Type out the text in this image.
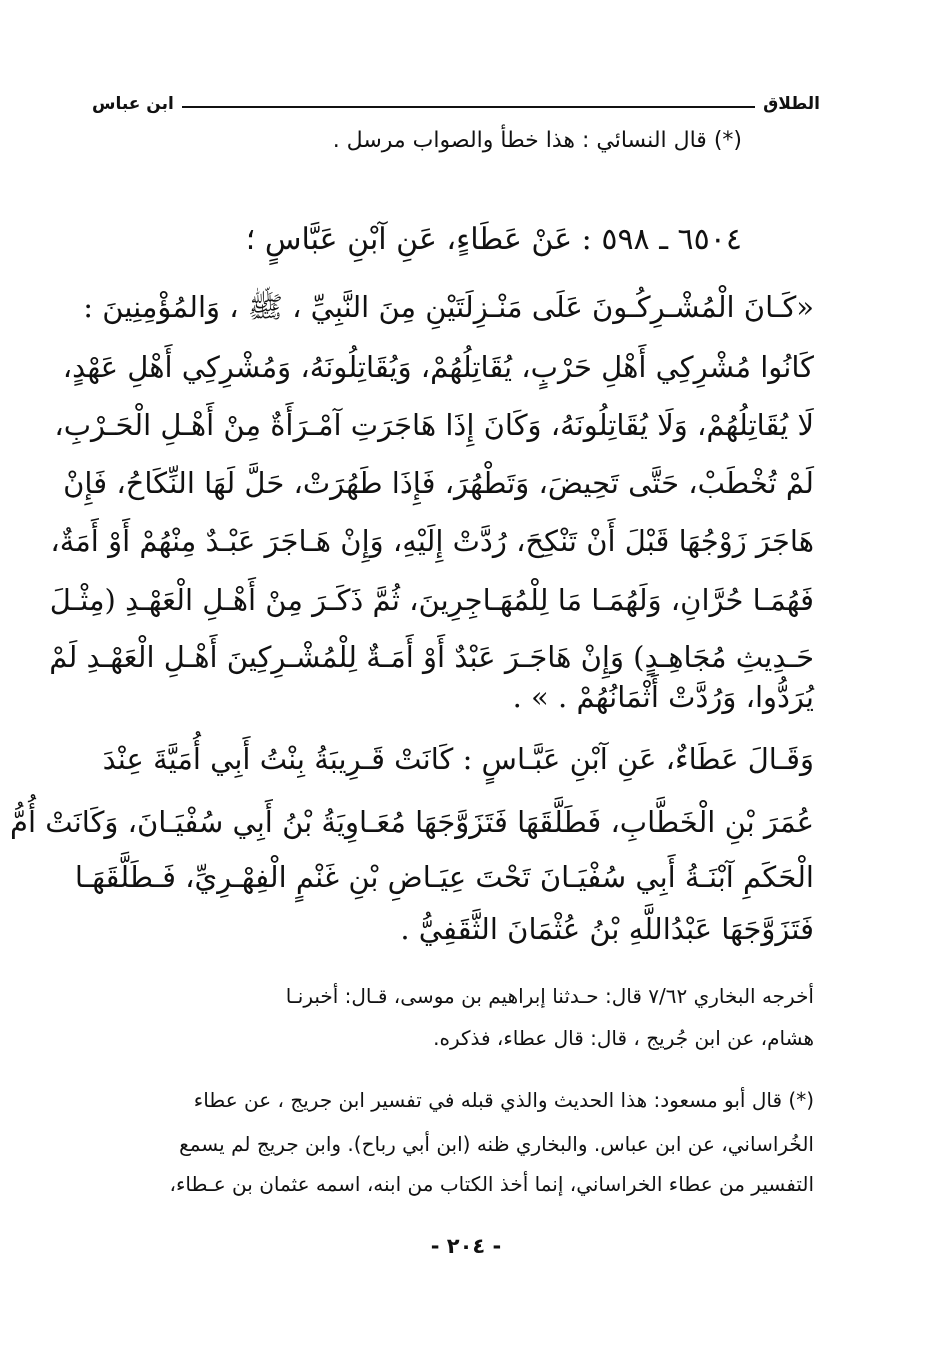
الطلاق
ابن عباس
(*) قال النسائي : هذا خطأ والصواب مرسل .
٦٥٠٤ ـ ٥٩٨ : عَنْ عَطَاءٍ، عَنِ آبْنِ عَبَّاسٍ ؛
«كَـانَ الْمُشْـرِكُـونَ عَلَى مَنْـزِلَتَيْنِ مِنَ النَّبِيِّ ، ﷺ ، وَالمُؤْمِنِينَ :
كَانُوا مُشْرِكِي أَهْلِ حَرْبٍ، يُقَاتِلُهُمْ، وَيُقَاتِلُونَهُ، وَمُشْرِكِي أَهْلِ عَهْدٍ،
لَا يُقَاتِلُهُمْ، وَلَا يُقَاتِلُونَهُ، وَكَانَ إِذَا هَاجَرَتِ آمْـرَأَةٌ مِنْ أَهْـلِ الْحَـرْبِ،
لَمْ تُخْطَبْ، حَتَّى تَحِيضَ، وَتَطْهُرَ، فَإِذَا طَهُرَتْ، حَلَّ لَهَا النِّكَاحُ، فَإِنْ
هَاجَرَ زَوْجُهَا قَبْلَ أَنْ تَنْكِحَ، رُدَّتْ إِلَيْهِ، وَإِنْ هَـاجَرَ عَبْـدٌ مِنْهُمْ أَوْ أَمَةٌ،
فَهُمَـا حُرَّانِ، وَلَهُمَـا مَا لِلْمُهَـاجِرِينَ، ثُمَّ ذَكَـرَ مِنْ أَهْـلِ الْعَهْـدِ (مِثْـلَ
حَـدِيثِ مُجَاهِـدٍ) وَإِنْ هَاجَـرَ عَبْدٌ أَوْ أَمَـةٌ لِلْمُشْـرِكِينَ أَهْـلِ الْعَهْـدِ لَمْ
يُرَدُّوا، وَرُدَّتْ أَثْمَانُهُمْ . » .
وَقَـالَ عَطَاءٌ، عَنِ آبْنِ عَبَّـاسٍ : كَانَتْ قَـرِيبَةُ بِنْتُ أَبِي أُمَيَّةَ عِنْدَ
عُمَرَ بْنِ الْخَطَّابِ، فَطَلَّقَهَا فَتَزَوَّجَهَا مُعَـاوِيَةُ بْنُ أَبِي سُفْيَـانَ، وَكَانَتْ أُمُّ
الْحَكَمِ آبْنَـةُ أَبِي سُفْيَـانَ تَحْتَ عِيَـاضِ بْنِ غَنْمٍ الْفِهْـرِيِّ، فَـطَلَّقَهَـا
فَتَزَوَّجَهَا عَبْدُاللَّهِ بْنُ عُثْمَانَ الثَّقَفِيُّ .
أخرجه البخاري ٧/٦٢ قال: حـدثنا إبراهيم بن موسى، قـال: أخبرنـا
هشام، عن ابن جُريج ، قال: قال عطاء، فذكره.
(*) قال أبو مسعود: هذا الحديث والذي قبله في تفسير ابن جريج ، عن عطاء
الخُراساني، عن ابن عباس. والبخاري ظنه (ابن أبي رباح). وابن جريج لم يسمع
التفسير من عطاء الخراساني، إنما أخذ الكتاب من ابنه، اسمه عثمان بن عـطاء،
- ٢٠٤ -
